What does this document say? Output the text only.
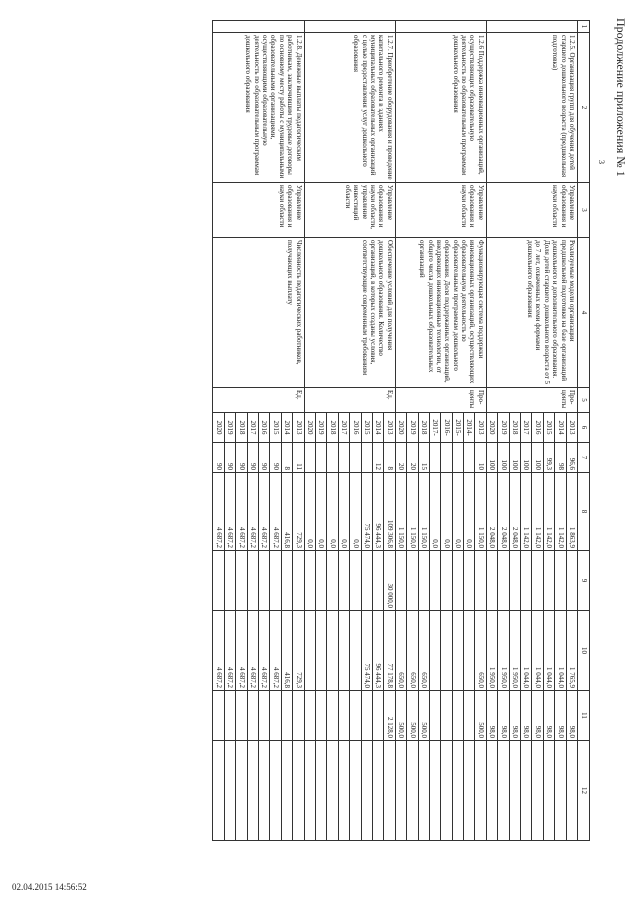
3 Продолжение приложения № 1
1	2	3	4	5	6	7	8	9	10	11	12
	1.2.5. Организация групп для обучения детей старшего дошкольного возраста (предшкольная подготовка)	Управление образования и науки области	Реализуемые модели организации предшкольной подготовки на базе организаций дошкольного и дополнительного образования. Доля детей старшего дошкольного возраста от 5 до 7 лет, охваченных всеми формами дошкольного образования	Про-центы	2013	96,6	1 863,9		1 765,9	98,0	
					2014	98	1 142,0		1 044,0	98,0	
					2015	99,3	1 142,0		1 044,0	98,0	
					2016	100	1 142,0		1 044,0	98,0	
					2017	100	1 142,0		1 044,0	98,0	
					2018	100	2 048,0		1 950,0	98,0	
					2019	100	2 048,0		1 950,0	98,0	
					2020	100	2 048,0		1 950,0	98,0	
	1.2.6 Поддержка инновационных организаций, осуществляющих образовательную деятельность по образовательным программам дошкольного образования	Управление образования и науки области	Функционирующая система поддержки инновационных организаций, осуществляющих образовательную деятельность по образовательным программам дошкольного образования. Доля поддержанных организаций, внедряющих инновационные технологии, от общего числа дошкольных образовательных организаций	Про-центы	2013	10	1 150,0		650,0	500,0	
					2014-		0,0				
					2015-		0,0				
					2016-		0,0				
					2017-		0,0				
					2018	15	1 150,0		650,0	500,0	
					2019	20	1 150,0		650,0	500,0	
					2020	20	1 150,0		650,0	500,0	
	1.2.7. Приобретение оборудования и проведение капитального ремонта в зданиях муниципальных образовательных организаций с целью предоставления услуг дошкольного образования	Управление образования и науки области, управление инвестиций области	Обеспечение условий для получения дошкольного образования. Количество организаций, в которых созданы условия, соответствующие современным требованиям	Ед.	2013	8	109 306,8	30 000,0	77 178,8	2 128,0	
					2014	12	96 444,3		96 444,3		
					2015		75 474,0		75 474,0		
					2016		0,0				
					2017		0,0				
					2018		0,0				
					2019		0,0				
					2020		0,0				
	1.2.8. Денежные выплаты педагогическим работникам, заключившим трудовые договоры по основному месту работы с муниципальными образовательными организациями, осуществляющими образовательную деятельность по образовательным программам дошкольного образования	Управление образования и науки области	Численность педагогических работников, получающих выплату	Ед.	2013	11	729,3		729,3		
					2014	8	416,8		416,8		
					2015	90	4 687,2		4 687,2		
					2016	90	4 687,2		4 687,2		
					2017	90	4 687,2		4 687,2		
					2018	90	4 687,2		4 687,2		
					2019	90	4 687,2		4 687,2		
					2020	90	4 687,2		4 687,2		
02.04.2015 14:56:52
